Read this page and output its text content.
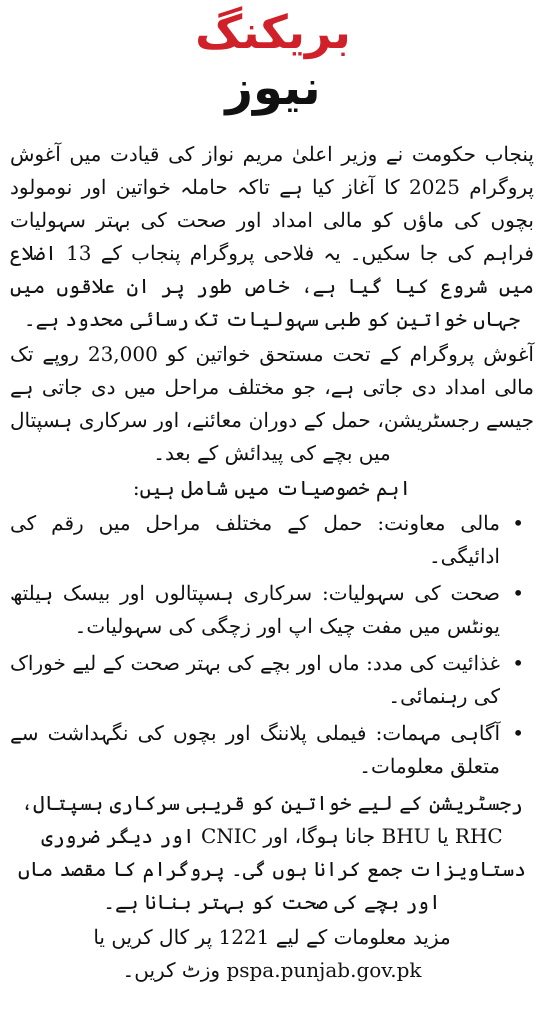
بریکنگ
نیوز

پنجاب حکومت نے وزیر اعلیٰ مریم نواز کی قیادت میں آغوش پروگرام 2025 کا آغاز کیا ہے تاکہ حاملہ خواتین اور نومولود بچوں کی ماؤں کو مالی امداد اور صحت کی بہتر سہولیات فراہم کی جا سکیں۔ یہ فلاحی پروگرام پنجاب کے 13 اضلاع میں شروع کیا گیا ہے، خاص طور پر ان علاقوں میں جہاں خواتین کو طبی سہولیات تک رسائی محدود ہے۔

آغوش پروگرام کے تحت مستحق خواتین کو 23,000 روپے تک مالی امداد دی جاتی ہے، جو مختلف مراحل میں دی جاتی ہے جیسے رجسٹریشن، حمل کے دوران معائنے، اور سرکاری ہسپتال میں بچے کی پیدائش کے بعد۔

اہم خصوصیات میں شامل ہیں:

•
مالی معاونت: حمل کے مختلف مراحل میں رقم کی ادائیگی۔
•
صحت کی سہولیات: سرکاری ہسپتالوں اور بیسک ہیلتھ یونٹس میں مفت چیک اپ اور زچگی کی سہولیات۔
•
غذائیت کی مدد: ماں اور بچے کی بہتر صحت کے لیے خوراک کی رہنمائی۔
•
آگاہی مہمات: فیملی پلاننگ اور بچوں کی نگہداشت سے متعلق معلومات۔

رجسٹریشن کے لیے خواتین کو قریبی سرکاری ہسپتال، RHC یا BHU جانا ہوگا، اور CNIC اور دیگر ضروری دستاویزات جمع کرانا ہوں گی۔ پروگرام کا مقصد ماں اور بچے کی صحت کو بہتر بنانا ہے۔

مزید معلومات کے لیے 1221 پر کال کریں یا pspa.punjab.gov.pk وزٹ کریں۔
